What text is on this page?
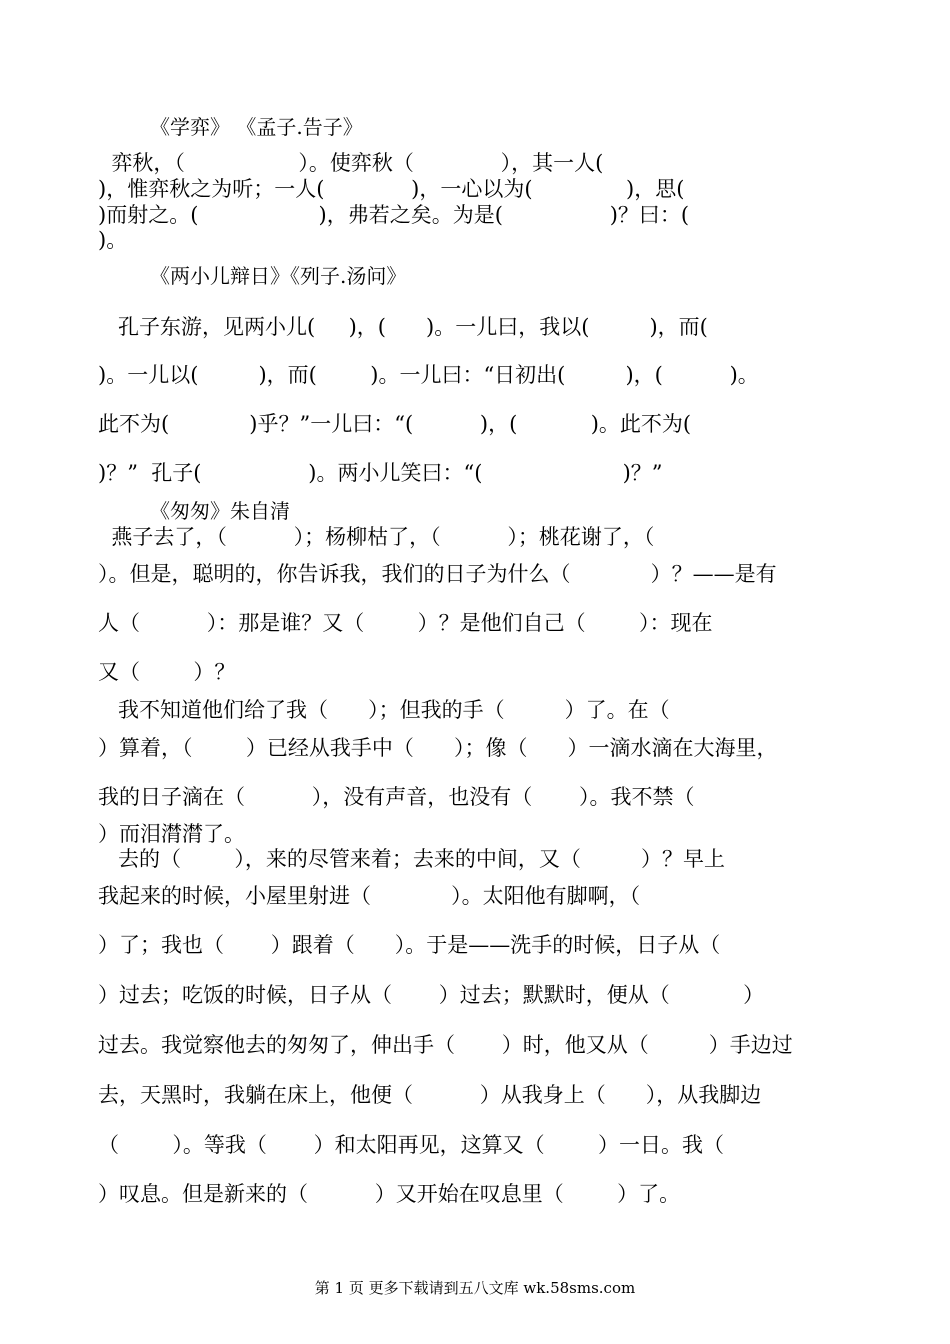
《学弈》 《孟子.告子》
弈秋，（                 ）。使弈秋（             ），其一人(
)，惟弈秋之为听；一人(             )，一心以为(              )，思(
)而射之。(                  )，弗若之矣。为是(                )？曰：(
)。
《两小儿辩日》《列子.汤问》
孔子东游，见两小儿(     )，(      )。一儿曰，我以(         )，而(
)。一儿以(         )，而(        )。一儿曰：“日初出(         )，(          )。
此不为(            )乎？”一儿曰：“(          )，(           )。此不为(
)？”  孔子(                )。两小儿笑曰：“(                     )？”
《匆匆》朱自清
燕子去了，（          ）；杨柳枯了，（          ）；桃花谢了，（
）。但是，聪明的，你告诉我，我们的日子为什么（            ）？——是有
人（          ）：那是谁？又（        ）？是他们自己（        ）：现在
又（        ）？
我不知道他们给了我（      ）；但我的手（         ）了。在（
）算着，（        ）已经从我手中（      ）；像（      ）一滴水滴在大海里，
我的日子滴在（          ），没有声音，也没有（       ）。我不禁（
）而泪潸潸了。
去的（        ），来的尽管来着；去来的中间，又（         ）？早上
我起来的时候，小屋里射进（            ）。太阳他有脚啊，（
）了；我也（       ）跟着（      ）。于是——洗手的时候，日子从（
）过去；吃饭的时候，日子从（       ）过去；默默时，便从（           ）
过去。我觉察他去的匆匆了，伸出手（       ）时，他又从（         ）手边过
去，天黑时，我躺在床上，他便（          ）从我身上（      ），从我脚边
（        ）。等我（       ）和太阳再见，这算又（        ）一日。我（
）叹息。但是新来的（          ）又开始在叹息里（        ）了。
第 1 页 更多下载请到五八文库 wk.58sms.com
